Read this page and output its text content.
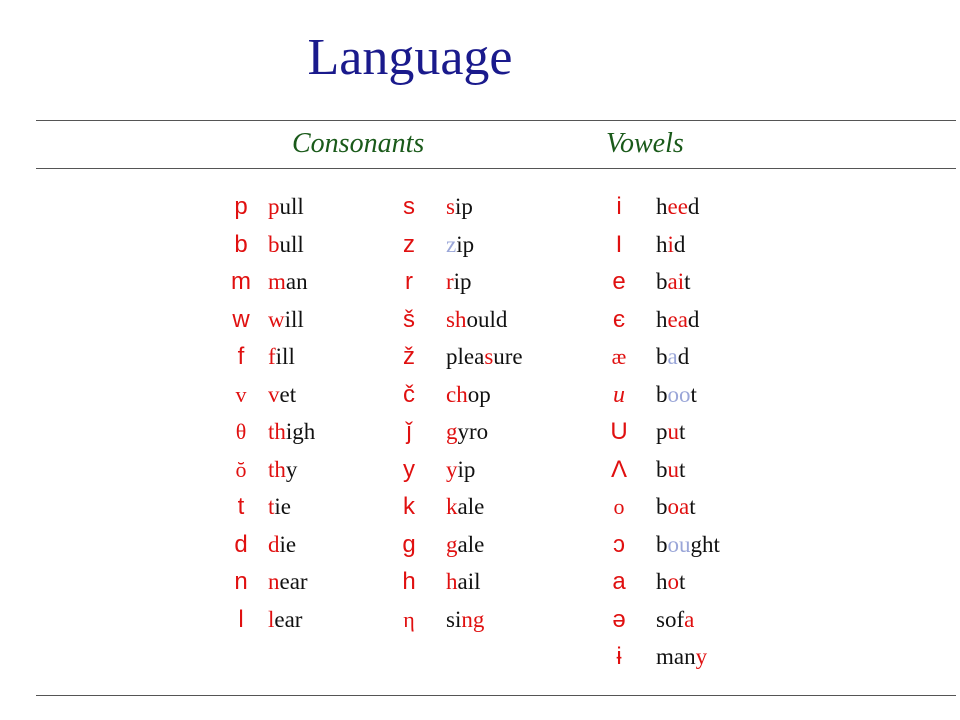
Language
Consonants	Vowels
p pull
b bull
m man
w will
f	fill
v vet
θ thigh
ŏ thy
t	tie
d die
n near
l	lear
s	sip
z	zip
r	rip
š	should
ž	pleasure
č	chop
ǰ	gyro
y	yip
k	kale
g gale
h hail
η	sing
i	heed
I	hid
e bait
є head
æ bad
u	boot
U put
Λ but
o	boat
ɔ	bought
a hot
ə sofa
ɨ	many
